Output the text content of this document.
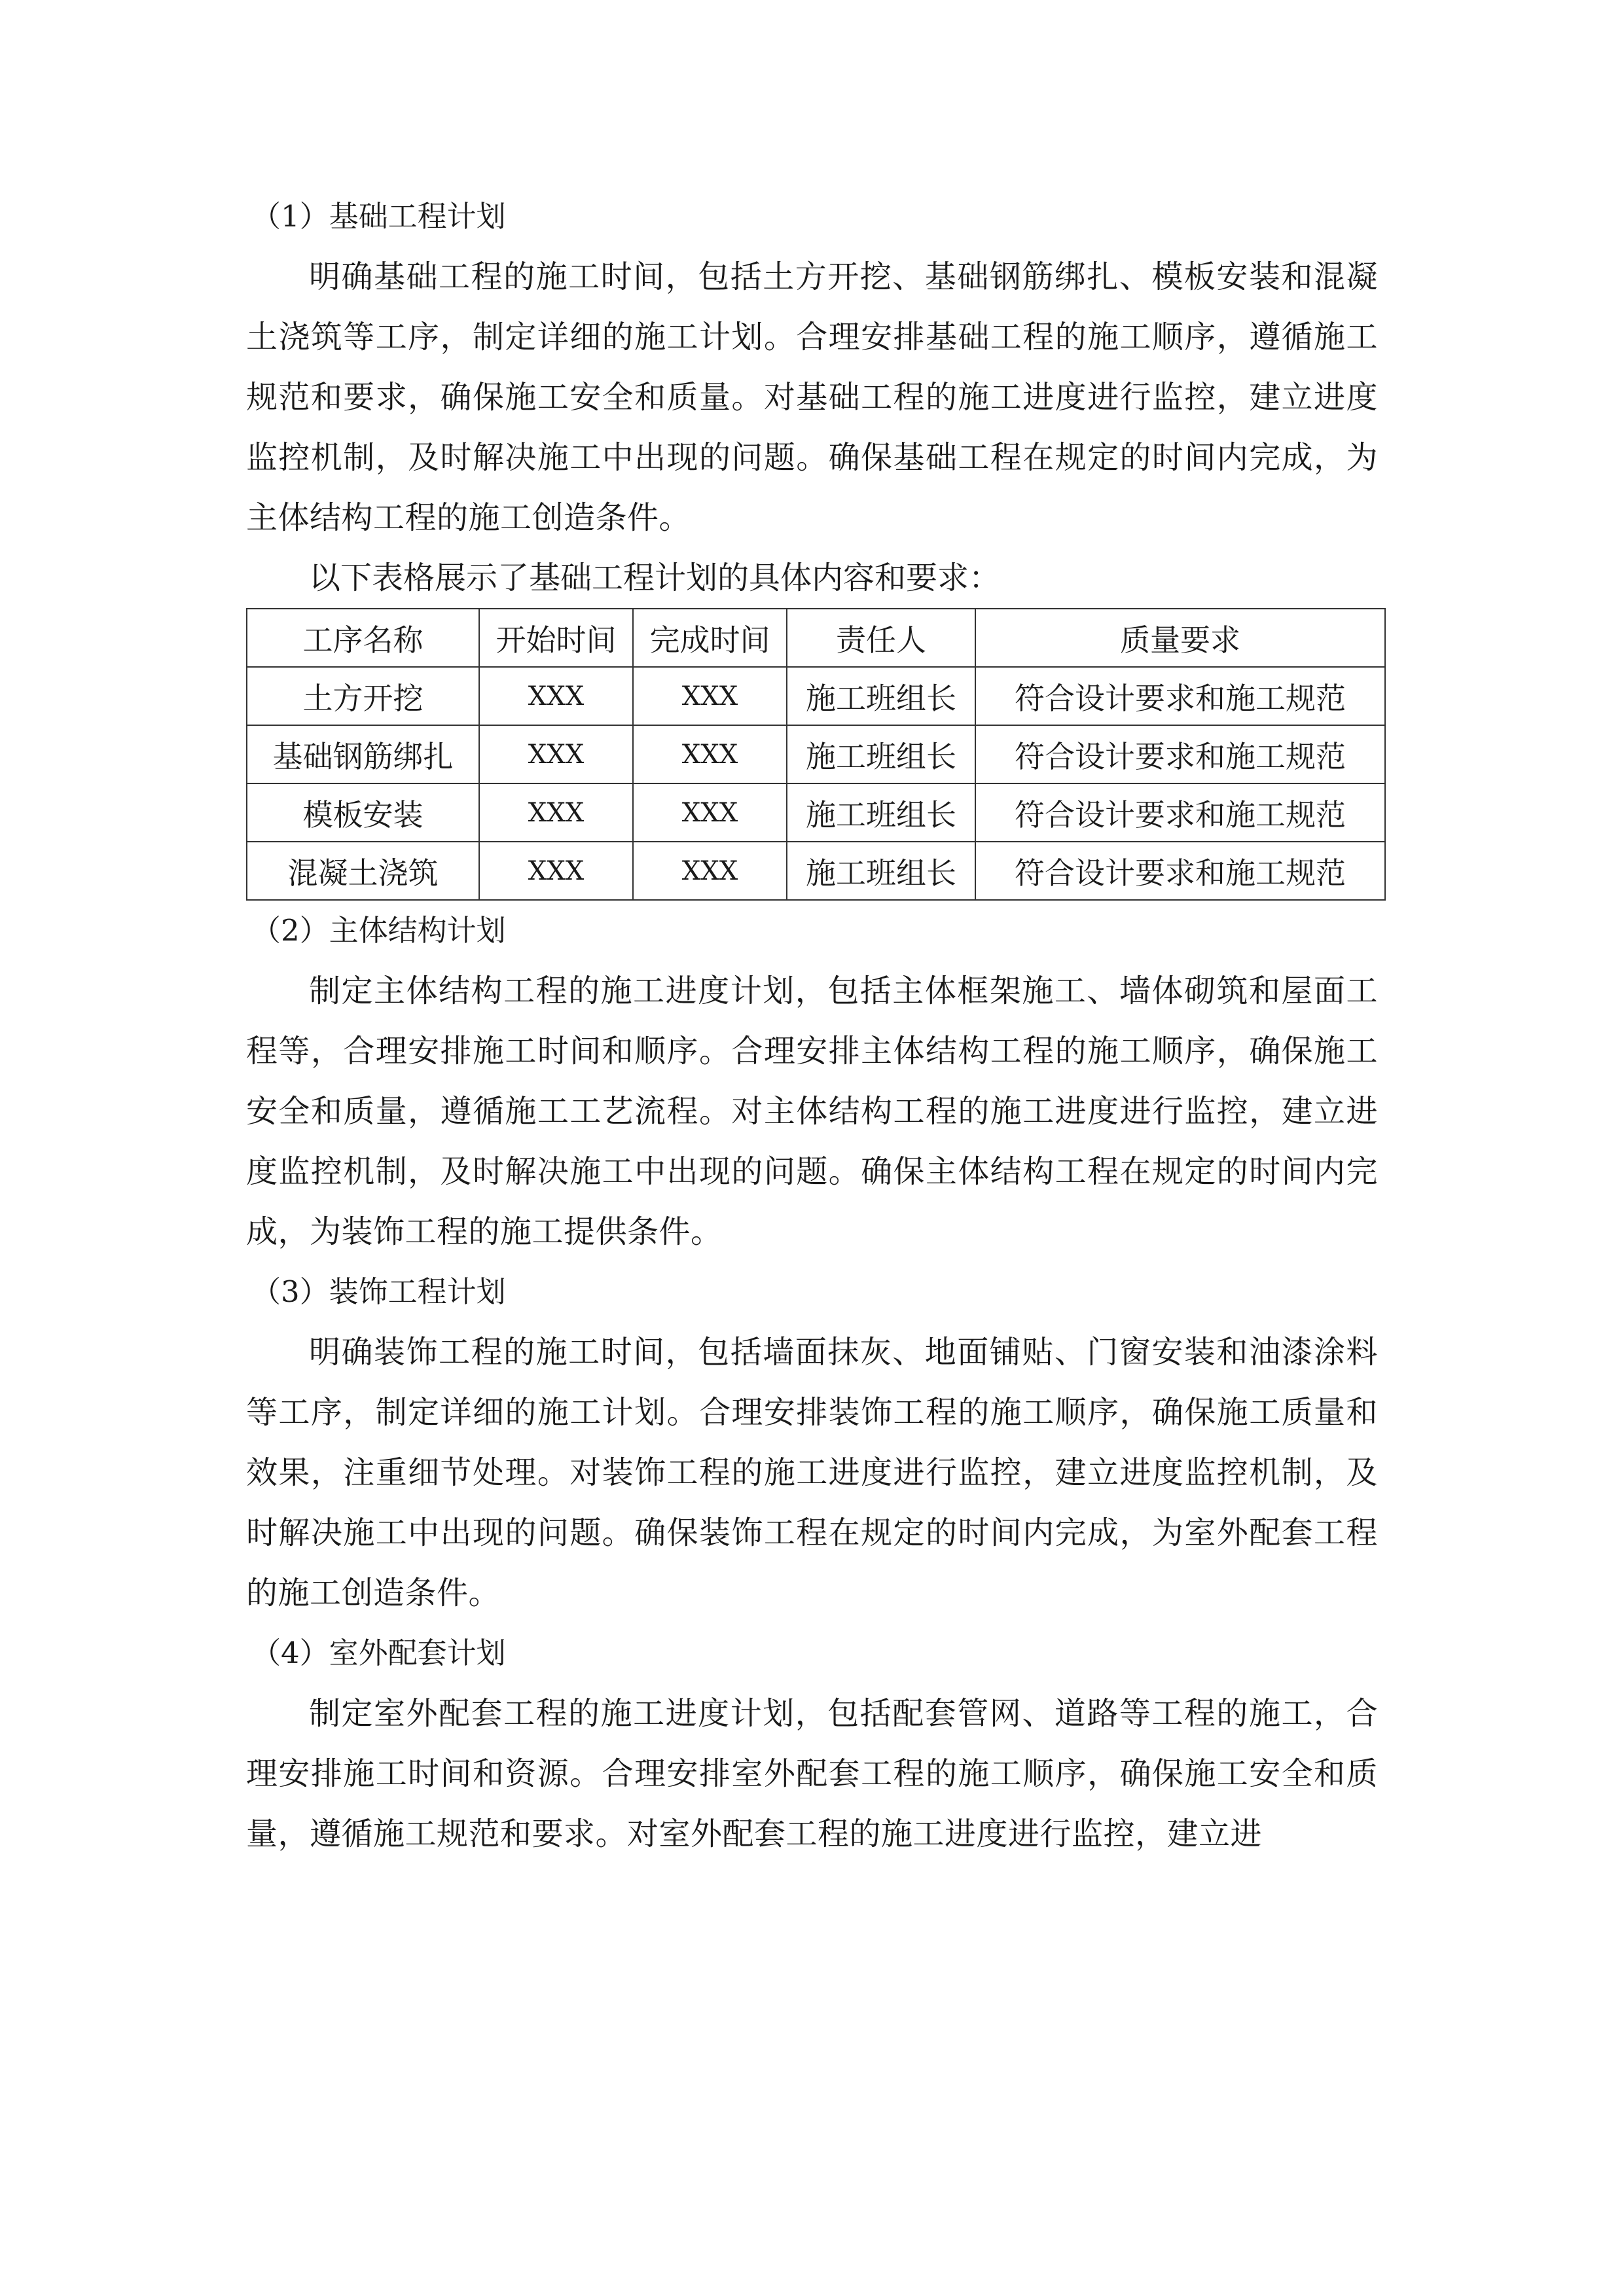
（1）基础工程计划

明确基础工程的施工时间，包括土方开挖、基础钢筋绑扎、模板安装和混凝土浇筑等工序，制定详细的施工计划。合理安排基础工程的施工顺序，遵循施工规范和要求，确保施工安全和质量。对基础工程的施工进度进行监控，建立进度监控机制，及时解决施工中出现的问题。确保基础工程在规定的时间内完成，为主体结构工程的施工创造条件。

以下表格展示了基础工程计划的具体内容和要求：

工序名称	开始时间	完成时间	责任人	质量要求
土方开挖	XXX	XXX	施工班组长	符合设计要求和施工规范
基础钢筋绑扎	XXX	XXX	施工班组长	符合设计要求和施工规范
模板安装	XXX	XXX	施工班组长	符合设计要求和施工规范
混凝土浇筑	XXX	XXX	施工班组长	符合设计要求和施工规范

（2）主体结构计划

制定主体结构工程的施工进度计划，包括主体框架施工、墙体砌筑和屋面工程等，合理安排施工时间和顺序。合理安排主体结构工程的施工顺序，确保施工安全和质量，遵循施工工艺流程。对主体结构工程的施工进度进行监控，建立进度监控机制，及时解决施工中出现的问题。确保主体结构工程在规定的时间内完成，为装饰工程的施工提供条件。

（3）装饰工程计划

明确装饰工程的施工时间，包括墙面抹灰、地面铺贴、门窗安装和油漆涂料等工序，制定详细的施工计划。合理安排装饰工程的施工顺序，确保施工质量和效果，注重细节处理。对装饰工程的施工进度进行监控，建立进度监控机制，及时解决施工中出现的问题。确保装饰工程在规定的时间内完成，为室外配套工程的施工创造条件。

（4）室外配套计划

制定室外配套工程的施工进度计划，包括配套管网、道路等工程的施工，合理安排施工时间和资源。合理安排室外配套工程的施工顺序，确保施工安全和质量，遵循施工规范和要求。对室外配套工程的施工进度进行监控，建立进
